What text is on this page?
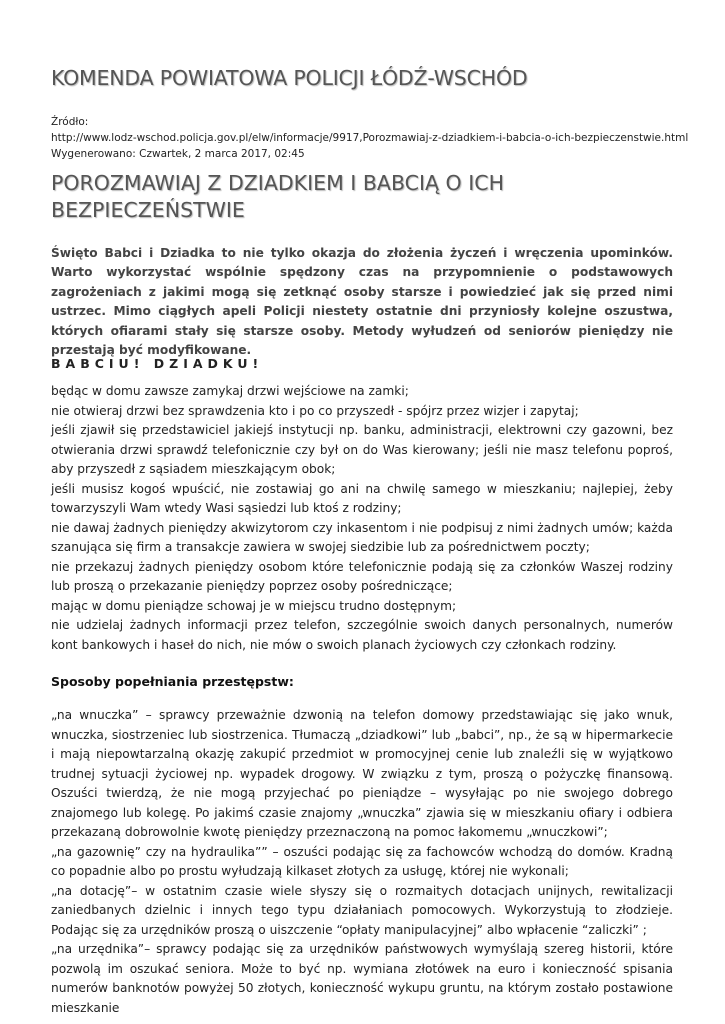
KOMENDA POWIATOWA POLICJI ŁÓDŹ-WSCHÓD
Źródło:
http://www.lodz-wschod.policja.gov.pl/elw/informacje/9917,Porozmawiaj-z-dziadkiem-i-babcia-o-ich-bezpieczenstwie.html
Wygenerowano: Czwartek, 2 marca 2017, 02:45
POROZMAWIAJ Z DZIADKIEM I BABCIĄ O ICH BEZPIECZEŃSTWIE

Święto Babci i Dziadka to nie tylko okazja do złożenia życzeń i wręczenia upominków. Warto wykorzystać wspólnie spędzony czas na przypomnienie o podstawowych zagrożeniach z jakimi mogą się zetknąć osoby starsze i powiedzieć jak się przed nimi ustrzec. Mimo ciągłych apeli Policji niestety ostatnie dni przyniosły kolejne oszustwa, których ofiarami stały się starsze osoby. Metody wyłudzeń od seniorów pieniędzy nie przestają być modyfikowane.

BABCIU! DZIADKU!

będąc w domu zawsze zamykaj drzwi wejściowe na zamki;
nie otwieraj drzwi bez sprawdzenia kto i po co przyszedł - spójrz przez wizjer i zapytaj;
jeśli zjawił się przedstawiciel jakiejś instytucji np. banku, administracji, elektrowni czy gazowni, bez otwierania drzwi sprawdź telefonicznie czy był on do Was kierowany; jeśli nie masz telefonu poproś, aby przyszedł z sąsiadem mieszkającym obok;
jeśli musisz kogoś wpuścić, nie zostawiaj go ani na chwilę samego w mieszkaniu; najlepiej, żeby towarzyszyli Wam wtedy Wasi sąsiedzi lub ktoś z rodziny;
nie dawaj żadnych pieniędzy akwizytorom czy inkasentom i nie podpisuj z nimi żadnych umów; każda szanująca się firm a transakcje zawiera w swojej siedzibie lub za pośrednictwem poczty;
nie przekazuj żadnych pieniędzy osobom które telefonicznie podają się za członków Waszej rodziny lub proszą o przekazanie pieniędzy poprzez osoby pośredniczące;
mając w domu pieniądze schowaj je w miejscu trudno dostępnym;
nie udzielaj żadnych informacji przez telefon, szczególnie swoich danych personalnych, numerów kont bankowych i haseł do nich, nie mów o swoich planach życiowych czy członkach rodziny.

Sposoby popełniania przestępstw:

„na wnuczka” – sprawcy przeważnie dzwonią na telefon domowy przedstawiając się jako wnuk, wnuczka, siostrzeniec lub siostrzenica. Tłumaczą „dziadkowi” lub „babci”, np., że są w hipermarkecie i mają niepowtarzalną okazję zakupić przedmiot w promocyjnej cenie lub znaleźli się w wyjątkowo trudnej sytuacji życiowej np. wypadek drogowy. W związku z tym, proszą o pożyczkę finansową. Oszuści twierdzą, że nie mogą przyjechać po pieniądze – wysyłając po nie swojego dobrego znajomego lub kolegę. Po jakimś czasie znajomy „wnuczka” zjawia się w mieszkaniu ofiary i odbiera przekazaną dobrowolnie kwotę pieniędzy przeznaczoną na pomoc łakomemu „wnuczkowi”;
„na gazownię” czy na hydraulika”” – oszuści podając się za fachowców wchodzą do domów. Kradną co popadnie albo po prostu wyłudzają kilkaset złotych za usługę, której nie wykonali;
„na dotację”– w ostatnim czasie wiele słyszy się o rozmaitych dotacjach unijnych, rewitalizacji zaniedbanych dzielnic i innych tego typu działaniach pomocowych. Wykorzystują to złodzieje. Podając się za urzędników proszą o uiszczenie “opłaty manipulacyjnej” albo wpłacenie “zaliczki” ;
„na urzędnika”– sprawcy podając się za urzędników państwowych wymyślają szereg historii, które pozwolą im oszukać seniora. Może to być np. wymiana złotówek na euro i konieczność spisania numerów banknotów powyżej 50 złotych, konieczność wykupu gruntu, na którym zostało postawione mieszkanie
